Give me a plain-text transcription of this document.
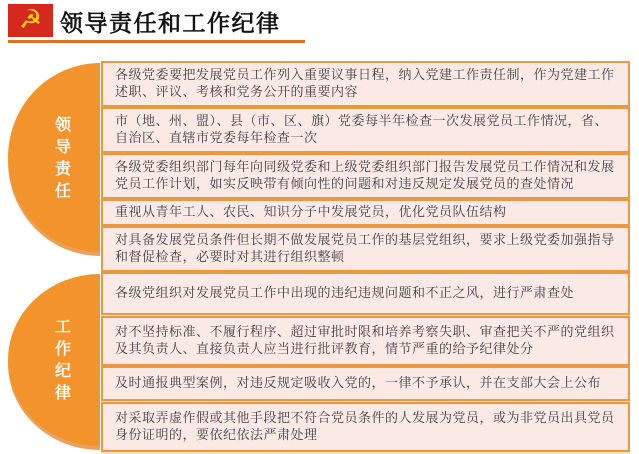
☭ 领导责任和工作纪律
领导责任
各级党委要把发展党员工作列入重要议事日程，纳入党建工作责任制，作为党建工作述职、评议、考核和党务公开的重要内容
市（地、州、盟）、县（市、区、旗）党委每半年检查一次发展党员工作情况，省、自治区、直辖市党委每年检查一次
各级党委组织部门每年向同级党委和上级党委组织部门报告发展党员工作情况和发展党员工作计划，如实反映带有倾向性的问题和对违反规定发展党员的查处情况
重视从青年工人、农民、知识分子中发展党员，优化党员队伍结构
对具备发展党员条件但长期不做发展党员工作的基层党组织，要求上级党委加强指导和督促检查，必要时对其进行组织整顿
工作纪律
各级党组织对发展党员工作中出现的违纪违规问题和不正之风，进行严肃查处
对不坚持标准、不履行程序、超过审批时限和培养考察失职、审查把关不严的党组织及其负责人、直接负责人应当进行批评教育，情节严重的给予纪律处分
及时通报典型案例，对违反规定吸收入党的，一律不予承认，并在支部大会上公布
对采取弄虚作假或其他手段把不符合党员条件的人发展为党员，或为非党员出具党员身份证明的，要依纪依法严肃处理
